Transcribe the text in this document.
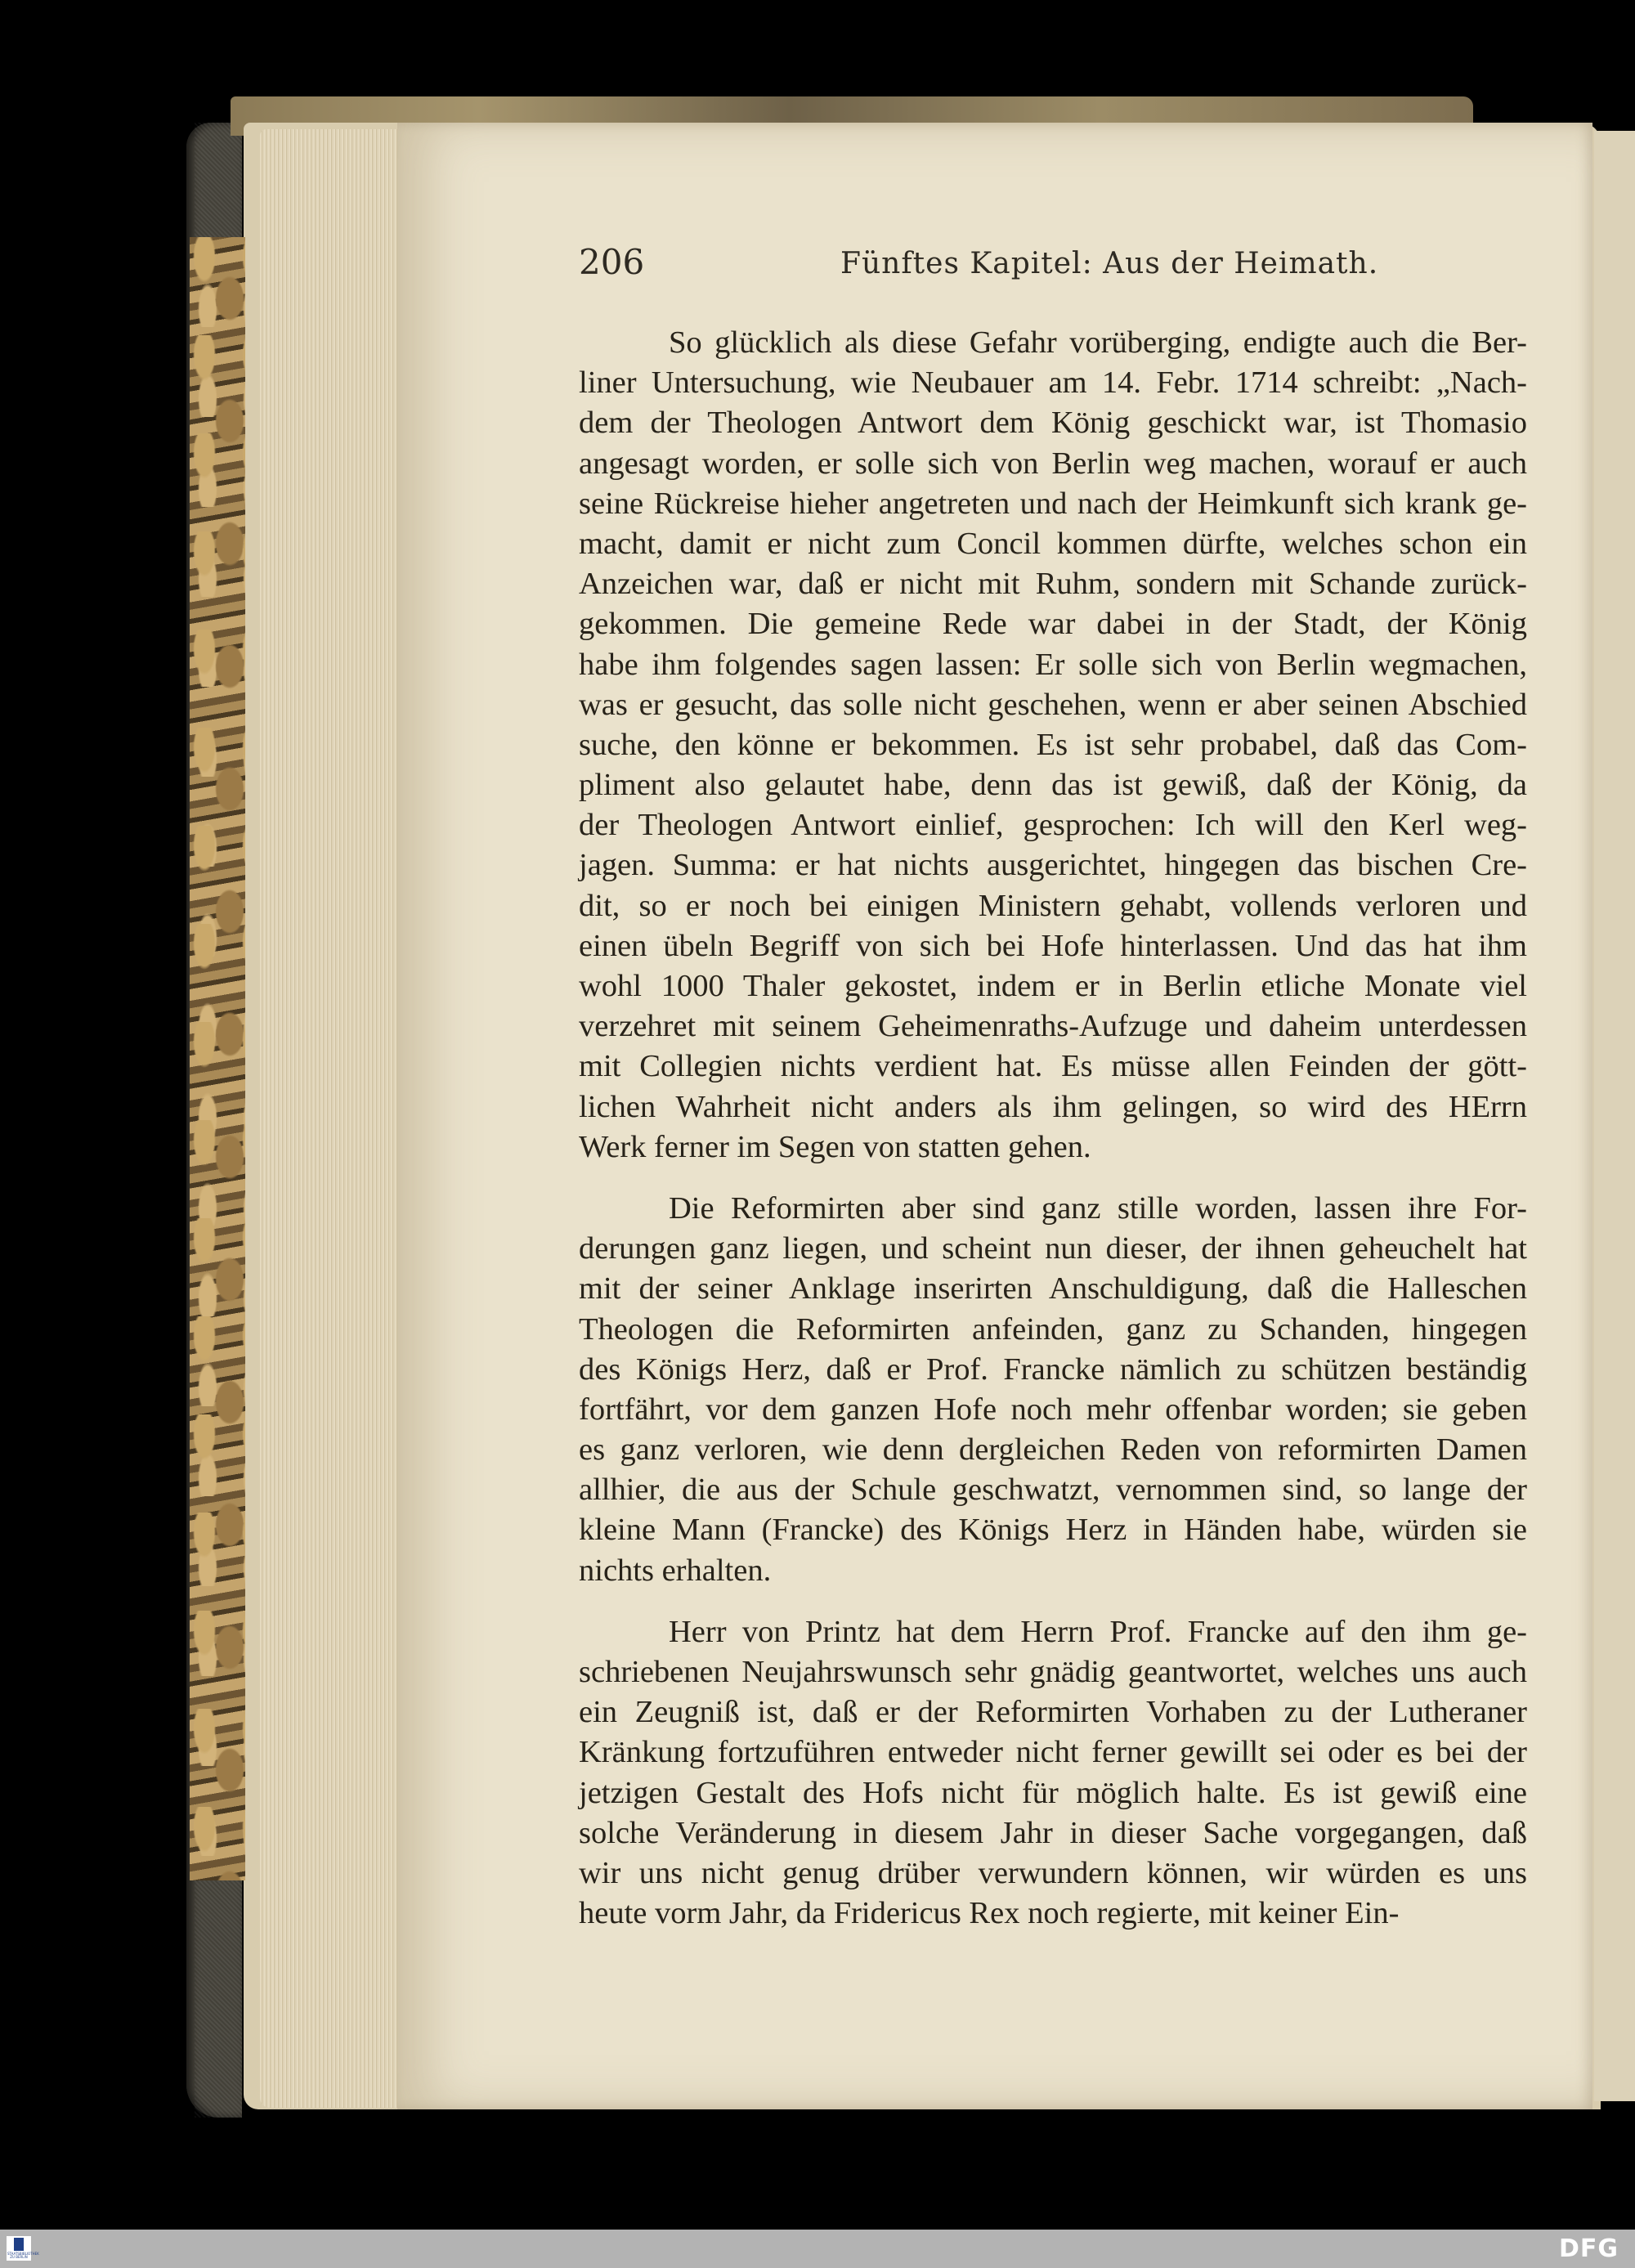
206	Fünftes Kapitel: Aus der Heimath.
So glücklich als diese Gefahr vorüberging, endigte auch die Ber-
liner Untersuchung, wie Neubauer am 14. Febr. 1714 schreibt: „Nach-
dem der Theologen Antwort dem König geschickt war, ist Thomasio
angesagt worden, er solle sich von Berlin weg machen, worauf er auch
seine Rückreise hieher angetreten und nach der Heimkunft sich krank ge-
macht, damit er nicht zum Concil kommen dürfte, welches schon ein
Anzeichen war, daß er nicht mit Ruhm, sondern mit Schande zurück-
gekommen. Die gemeine Rede war dabei in der Stadt, der König
habe ihm folgendes sagen lassen: Er solle sich von Berlin wegmachen,
was er gesucht, das solle nicht geschehen, wenn er aber seinen Abschied
suche, den könne er bekommen. Es ist sehr probabel, daß das Com-
pliment also gelautet habe, denn das ist gewiß, daß der König, da
der Theologen Antwort einlief, gesprochen: Ich will den Kerl weg-
jagen. Summa: er hat nichts ausgerichtet, hingegen das bischen Cre-
dit, so er noch bei einigen Ministern gehabt, vollends verloren und
einen übeln Begriff von sich bei Hofe hinterlassen. Und das hat ihm
wohl 1000 Thaler gekostet, indem er in Berlin etliche Monate viel
verzehret mit seinem Geheimenraths-Aufzuge und daheim unterdessen
mit Collegien nichts verdient hat. Es müsse allen Feinden der gött-
lichen Wahrheit nicht anders als ihm gelingen, so wird des HErrn
Werk ferner im Segen von statten gehen.
Die Reformirten aber sind ganz stille worden, lassen ihre For-
derungen ganz liegen, und scheint nun dieser, der ihnen geheuchelt hat
mit der seiner Anklage inserirten Anschuldigung, daß die Halleschen
Theologen die Reformirten anfeinden, ganz zu Schanden, hingegen
des Königs Herz, daß er Prof. Francke nämlich zu schützen beständig
fortfährt, vor dem ganzen Hofe noch mehr offenbar worden; sie geben
es ganz verloren, wie denn dergleichen Reden von reformirten Damen
allhier, die aus der Schule geschwatzt, vernommen sind, so lange der
kleine Mann (Francke) des Königs Herz in Händen habe, würden sie
nichts erhalten.
Herr von Printz hat dem Herrn Prof. Francke auf den ihm ge-
schriebenen Neujahrswunsch sehr gnädig geantwortet, welches uns auch
ein Zeugniß ist, daß er der Reformirten Vorhaben zu der Lutheraner
Kränkung fortzuführen entweder nicht ferner gewillt sei oder es bei der
jetzigen Gestalt des Hofs nicht für möglich halte. Es ist gewiß eine
solche Veränderung in diesem Jahr in dieser Sache vorgegangen, daß
wir uns nicht genug drüber verwundern können, wir würden es uns
heute vorm Jahr, da Fridericus Rex noch regierte, mit keiner Ein-
STAATSBIBLIOTHEK ZU BERLIN	DFG
